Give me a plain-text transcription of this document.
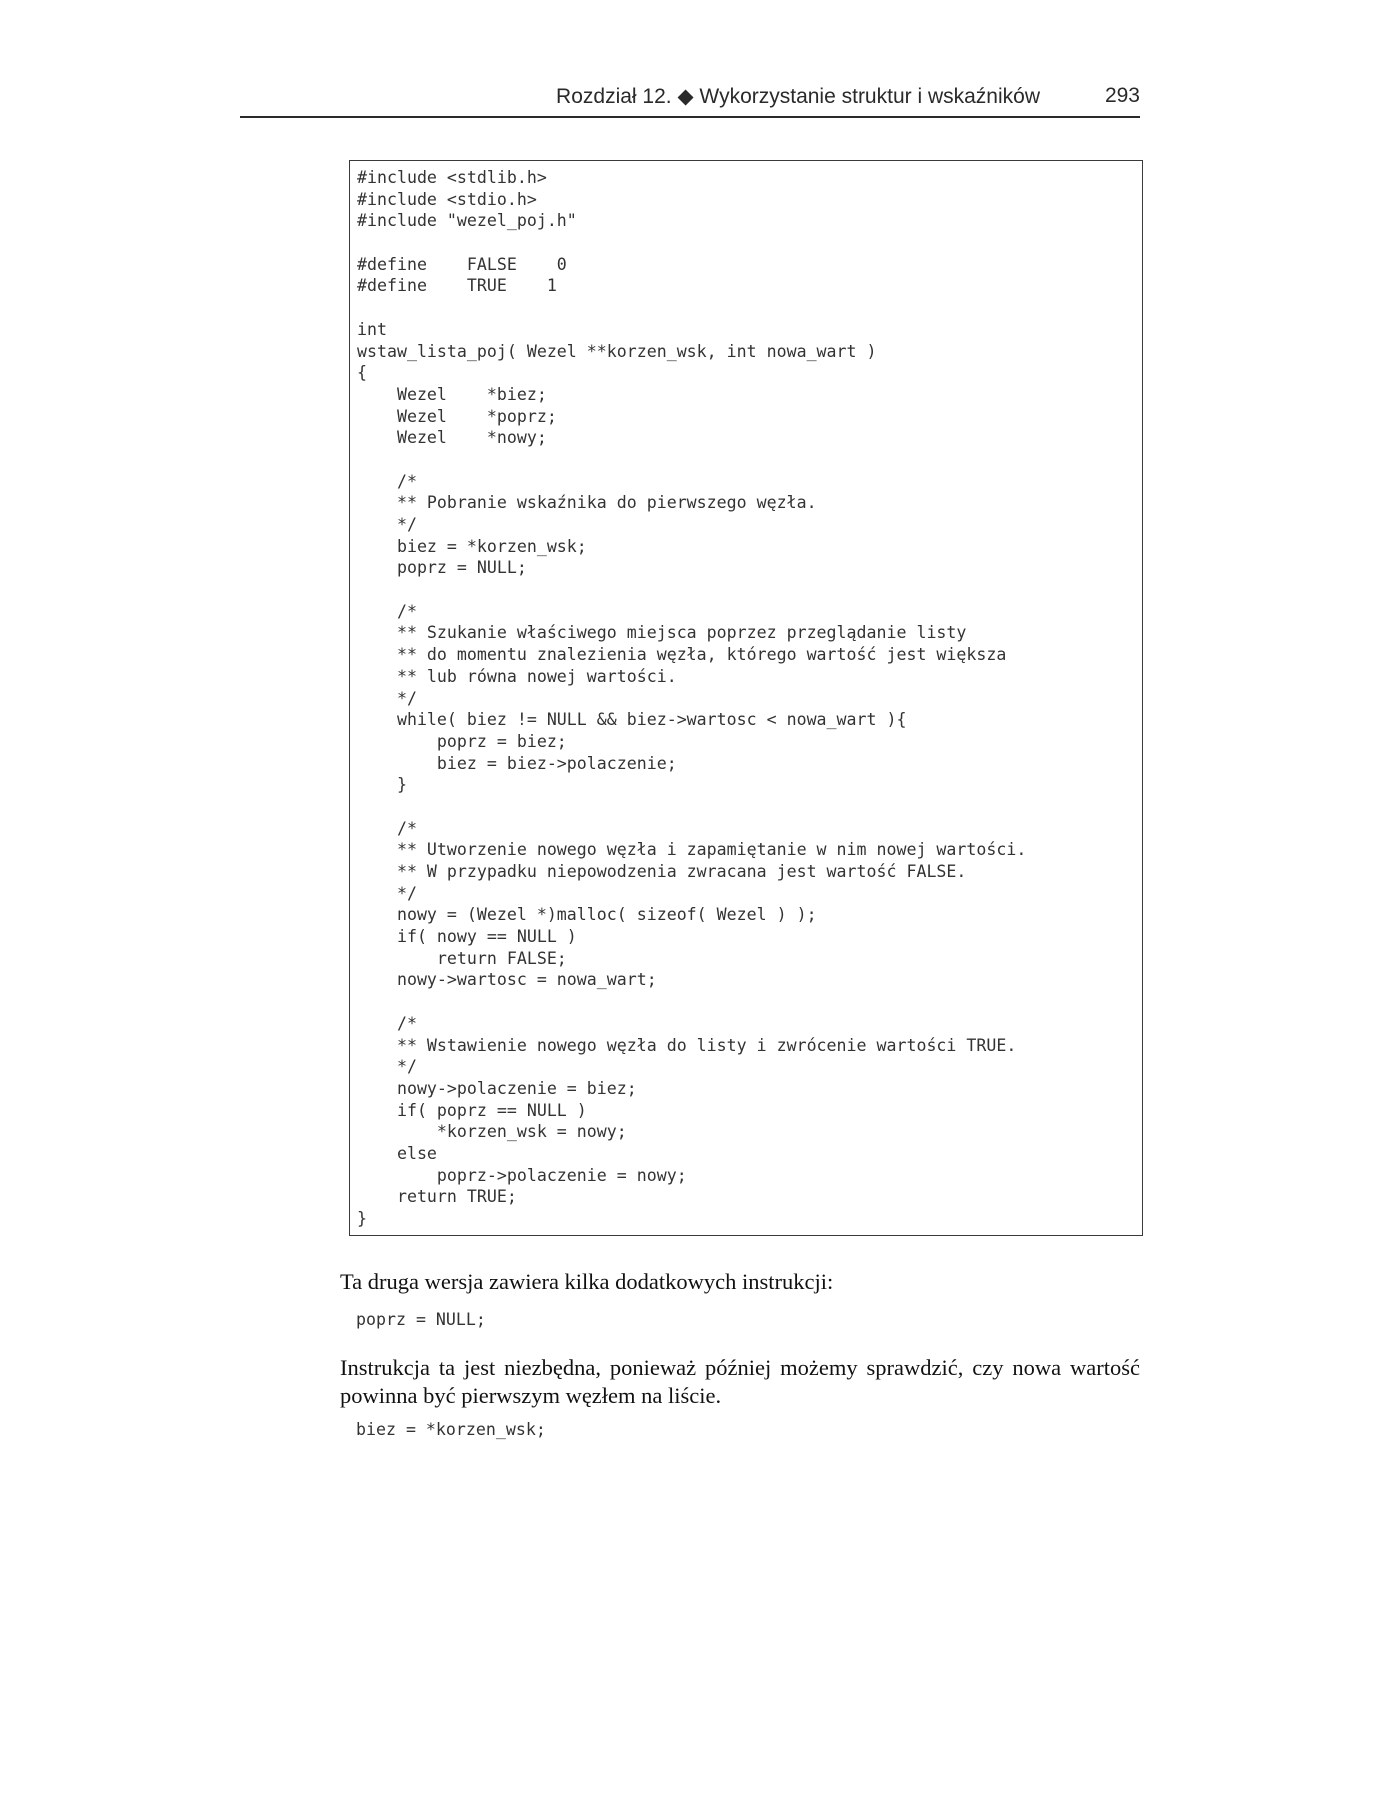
Rozdział 12. ◆ Wykorzystanie struktur i wskaźników	293
#include <stdlib.h>
#include <stdio.h>
#include "wezel_poj.h"
#define    FALSE    0
#define    TRUE    1
int
wstaw_lista_poj( Wezel **korzen_wsk, int nowa_wart )
{
Wezel    *biez;
Wezel    *poprz;
Wezel    *nowy;
/*
** Pobranie wskaźnika do pierwszego węzła.
*/
biez = *korzen_wsk;
poprz = NULL;
/*
** Szukanie właściwego miejsca poprzez przeglądanie listy
** do momentu znalezienia węzła, którego wartość jest większa
** lub równa nowej wartości.
*/
while( biez != NULL && biez->wartosc < nowa_wart ){
poprz = biez;
biez = biez->polaczenie;
}
/*
** Utworzenie nowego węzła i zapamiętanie w nim nowej wartości.
** W przypadku niepowodzenia zwracana jest wartość FALSE.
*/
nowy = (Wezel *)malloc( sizeof( Wezel ) );
if( nowy == NULL )
return FALSE;
nowy->wartosc = nowa_wart;
/*
** Wstawienie nowego węzła do listy i zwrócenie wartości TRUE.
*/
nowy->polaczenie = biez;
if( poprz == NULL )
*korzen_wsk = nowy;
else
poprz->polaczenie = nowy;
return TRUE;
}
Ta druga wersja zawiera kilka dodatkowych instrukcji:
poprz = NULL;
Instrukcja ta jest niezbędna, ponieważ później możemy sprawdzić, czy nowa wartość powinna być pierwszym węzłem na liście.
biez = *korzen_wsk;
